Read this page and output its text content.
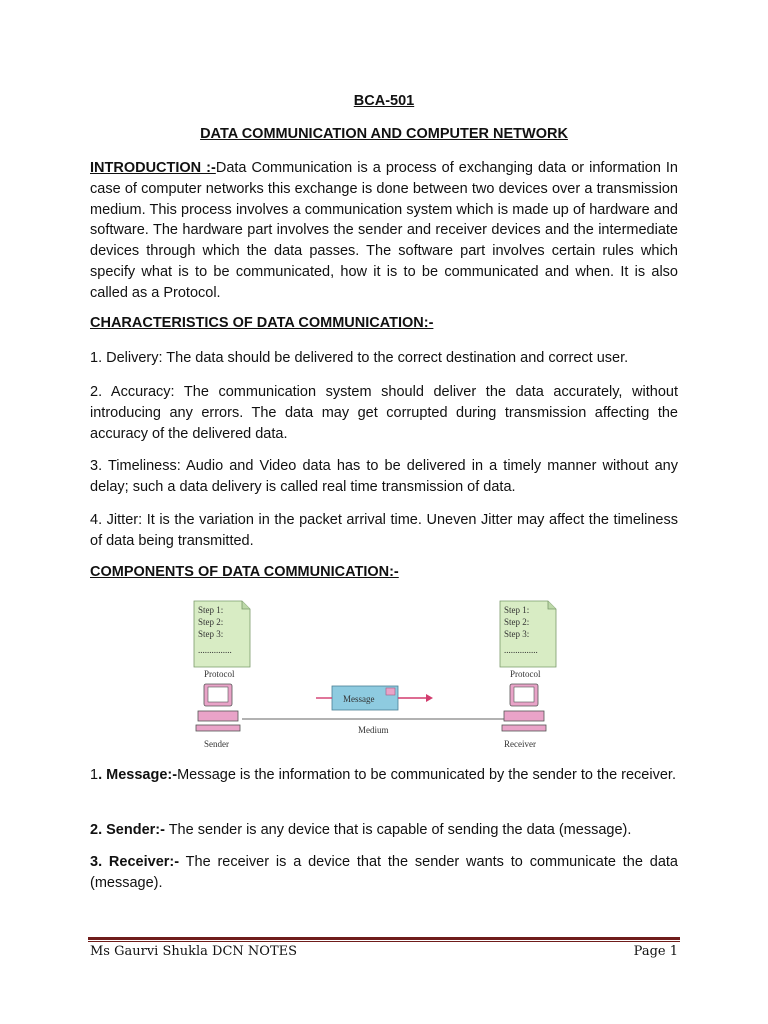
BCA-501
DATA COMMUNICATION AND COMPUTER NETWORK
INTRODUCTION :-Data Communication is a process of exchanging data or information In case of computer networks this exchange is done between two devices over a transmission medium. This process involves a communication system which is made up of hardware and software. The hardware part involves the sender and receiver devices and the intermediate devices through which the data passes. The software part involves certain rules which specify what is to be communicated, how it is to be communicated and when. It is also called as a Protocol.
CHARACTERISTICS OF DATA COMMUNICATION:-
1. Delivery: The data should be delivered to the correct destination and correct user.
2. Accuracy: The communication system should deliver the data accurately, without introducing any errors. The data may get corrupted during transmission affecting the accuracy of the delivered data.
3. Timeliness: Audio and Video data has to be delivered in a timely manner without any delay; such a data delivery is called real time transmission of data.
4. Jitter: It is the variation in the packet arrival time. Uneven Jitter may affect the timeliness of data being transmitted.
COMPONENTS OF DATA COMMUNICATION:-
Step 1:
Step 2:
Step 3:
...............
Protocol
Step 1:
Step 2:
Step 3:
...............
Protocol
Medium
Message
Sender	Receiver
1. Message:-Message is the information to be communicated by the sender to the receiver.
2. Sender:- The sender is any device that is capable of sending the data (message).
3. Receiver:- The receiver is a device that the sender wants to communicate the data (message).
Ms Gaurvi Shukla DCN NOTES	Page 1
